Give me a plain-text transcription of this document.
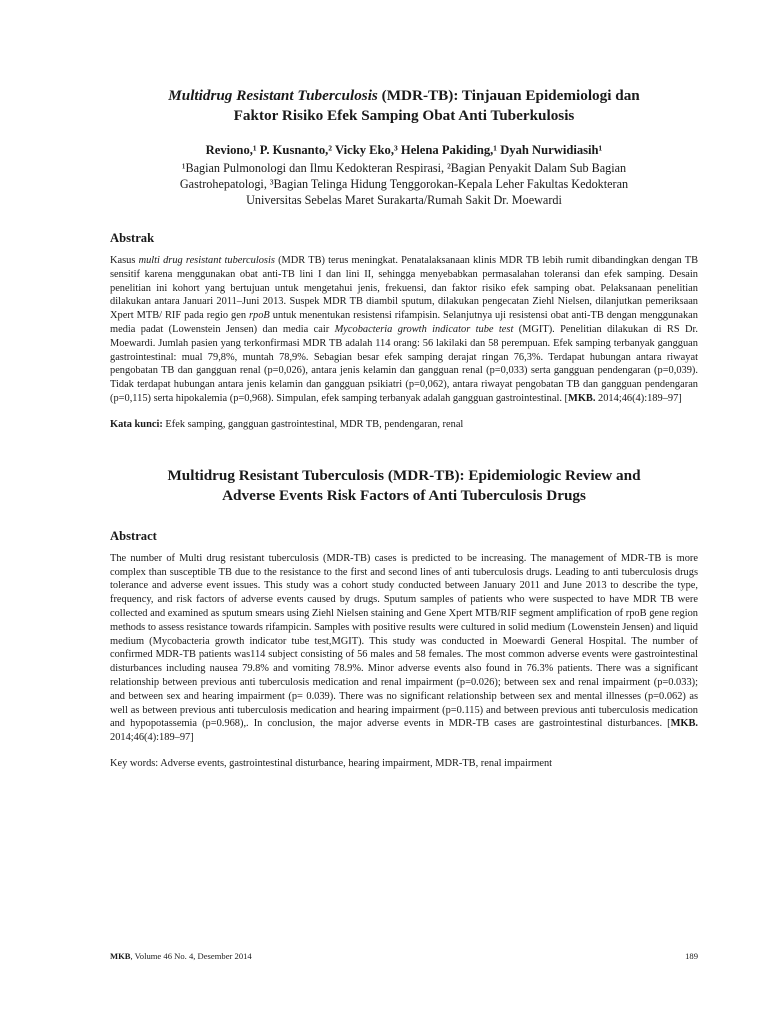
Multidrug Resistant Tuberculosis (MDR-TB): Tinjauan Epidemiologi dan
Faktor Risiko Efek Samping Obat Anti Tuberkulosis

Reviono,¹ P. Kusnanto,² Vicky Eko,³ Helena Pakiding,¹ Dyah Nurwidiasih¹
¹Bagian Pulmonologi dan Ilmu Kedokteran Respirasi, ²Bagian Penyakit Dalam Sub Bagian
Gastrohepatologi, ³Bagian Telinga Hidung Tenggorokan-Kepala Leher Fakultas Kedokteran
Universitas Sebelas Maret Surakarta/Rumah Sakit Dr. Moewardi
Abstrak
Kasus multi drug resistant tuberculosis (MDR TB) terus meningkat. Penatalaksanaan klinis MDR TB lebih rumit dibandingkan dengan TB sensitif karena menggunakan obat anti-TB lini I dan lini II, sehingga menyebabkan permasalahan toleransi dan efek samping. Desain penelitian ini kohort yang bertujuan untuk mengetahui jenis, frekuensi, dan faktor risiko efek samping obat. Pelaksanaan penelitian dilakukan antara Januari 2011–Juni 2013. Suspek MDR TB diambil sputum, dilakukan pengecatan Ziehl Nielsen, dilanjutkan pemeriksaan Xpert MTB/ RIF pada regio gen rpoB untuk menentukan resistensi rifampisin. Selanjutnya uji resistensi obat anti-TB dengan menggunakan media padat (Lowenstein Jensen) dan media cair Mycobacteria growth indicator tube test (MGIT). Penelitian dilakukan di RS Dr. Moewardi. Jumlah pasien yang terkonfirmasi MDR TB adalah 114 orang: 56 lakilaki dan 58 perempuan. Efek samping terbanyak gangguan gastrointestinal: mual 79,8%, muntah 78,9%. Sebagian besar efek samping derajat ringan 76,3%. Terdapat hubungan antara riwayat pengobatan TB dan gangguan renal (p=0,026), antara jenis kelamin dan gangguan renal (p=0,033) serta gangguan pendengaran (p=0,039). Tidak terdapat hubungan antara jenis kelamin dan gangguan psikiatri (p=0,062), antara riwayat pengobatan TB dan gangguan pendengaran (p=0,115) serta hipokalemia (p=0,968). Simpulan, efek samping terbanyak adalah gangguan gastrointestinal. [MKB. 2014;46(4):189–97]
Kata kunci: Efek samping, gangguan gastrointestinal, MDR TB, pendengaran, renal
Multidrug Resistant Tuberculosis (MDR-TB): Epidemiologic Review and
Adverse Events Risk Factors of Anti Tuberculosis Drugs
Abstract
The number of Multi drug resistant tuberculosis (MDR-TB) cases is predicted to be increasing. The management of MDR-TB is more complex than susceptible TB due to the resistance to the first and second lines of anti tuberculosis drugs. Leading to anti tuberculosis drugs tolerance and adverse event issues. This study was a cohort study conducted between January 2011 and June 2013 to describe the type, frequency, and risk factors of adverse events caused by drugs. Sputum samples of patients who were suspected to have MDR TB were collected and examined as sputum smears using Ziehl Nielsen staining and Gene Xpert MTB/RIF segment amplification of rpoB gene region methods to assess resistance towards rifampicin. Samples with positive results were cultured in solid medium (Lowenstein Jensen) and liquid medium (Mycobacteria growth indicator tube test,MGIT). This study was conducted in Moewardi General Hospital. The number of confirmed MDR-TB patients was114 subject consisting of 56 males and 58 females. The most common adverse events were gastrointestinal disturbances including nausea 79.8% and vomiting 78.9%. Minor adverse events also found in 76.3% patients. There was a significant relationship between previous anti tuberculosis medication and renal impairment (p=0.026); between sex and renal impairment (p=0.033); and between sex and hearing impairment (p= 0.039). There was no significant relationship between sex and mental illnesses (p=0.062) as well as between previous anti tuberculosis medication and hearing impairment (p=0.115) and between previous anti tuberculosis medication and hypopotassemia (p=0.968),. In conclusion, the major adverse events in MDR-TB cases are gastrointestinal disturbances. [MKB. 2014;46(4):189–97]
Key words: Adverse events, gastrointestinal disturbance, hearing impairment, MDR-TB, renal impairment
MKB, Volume 46 No. 4, Desember 2014	189
